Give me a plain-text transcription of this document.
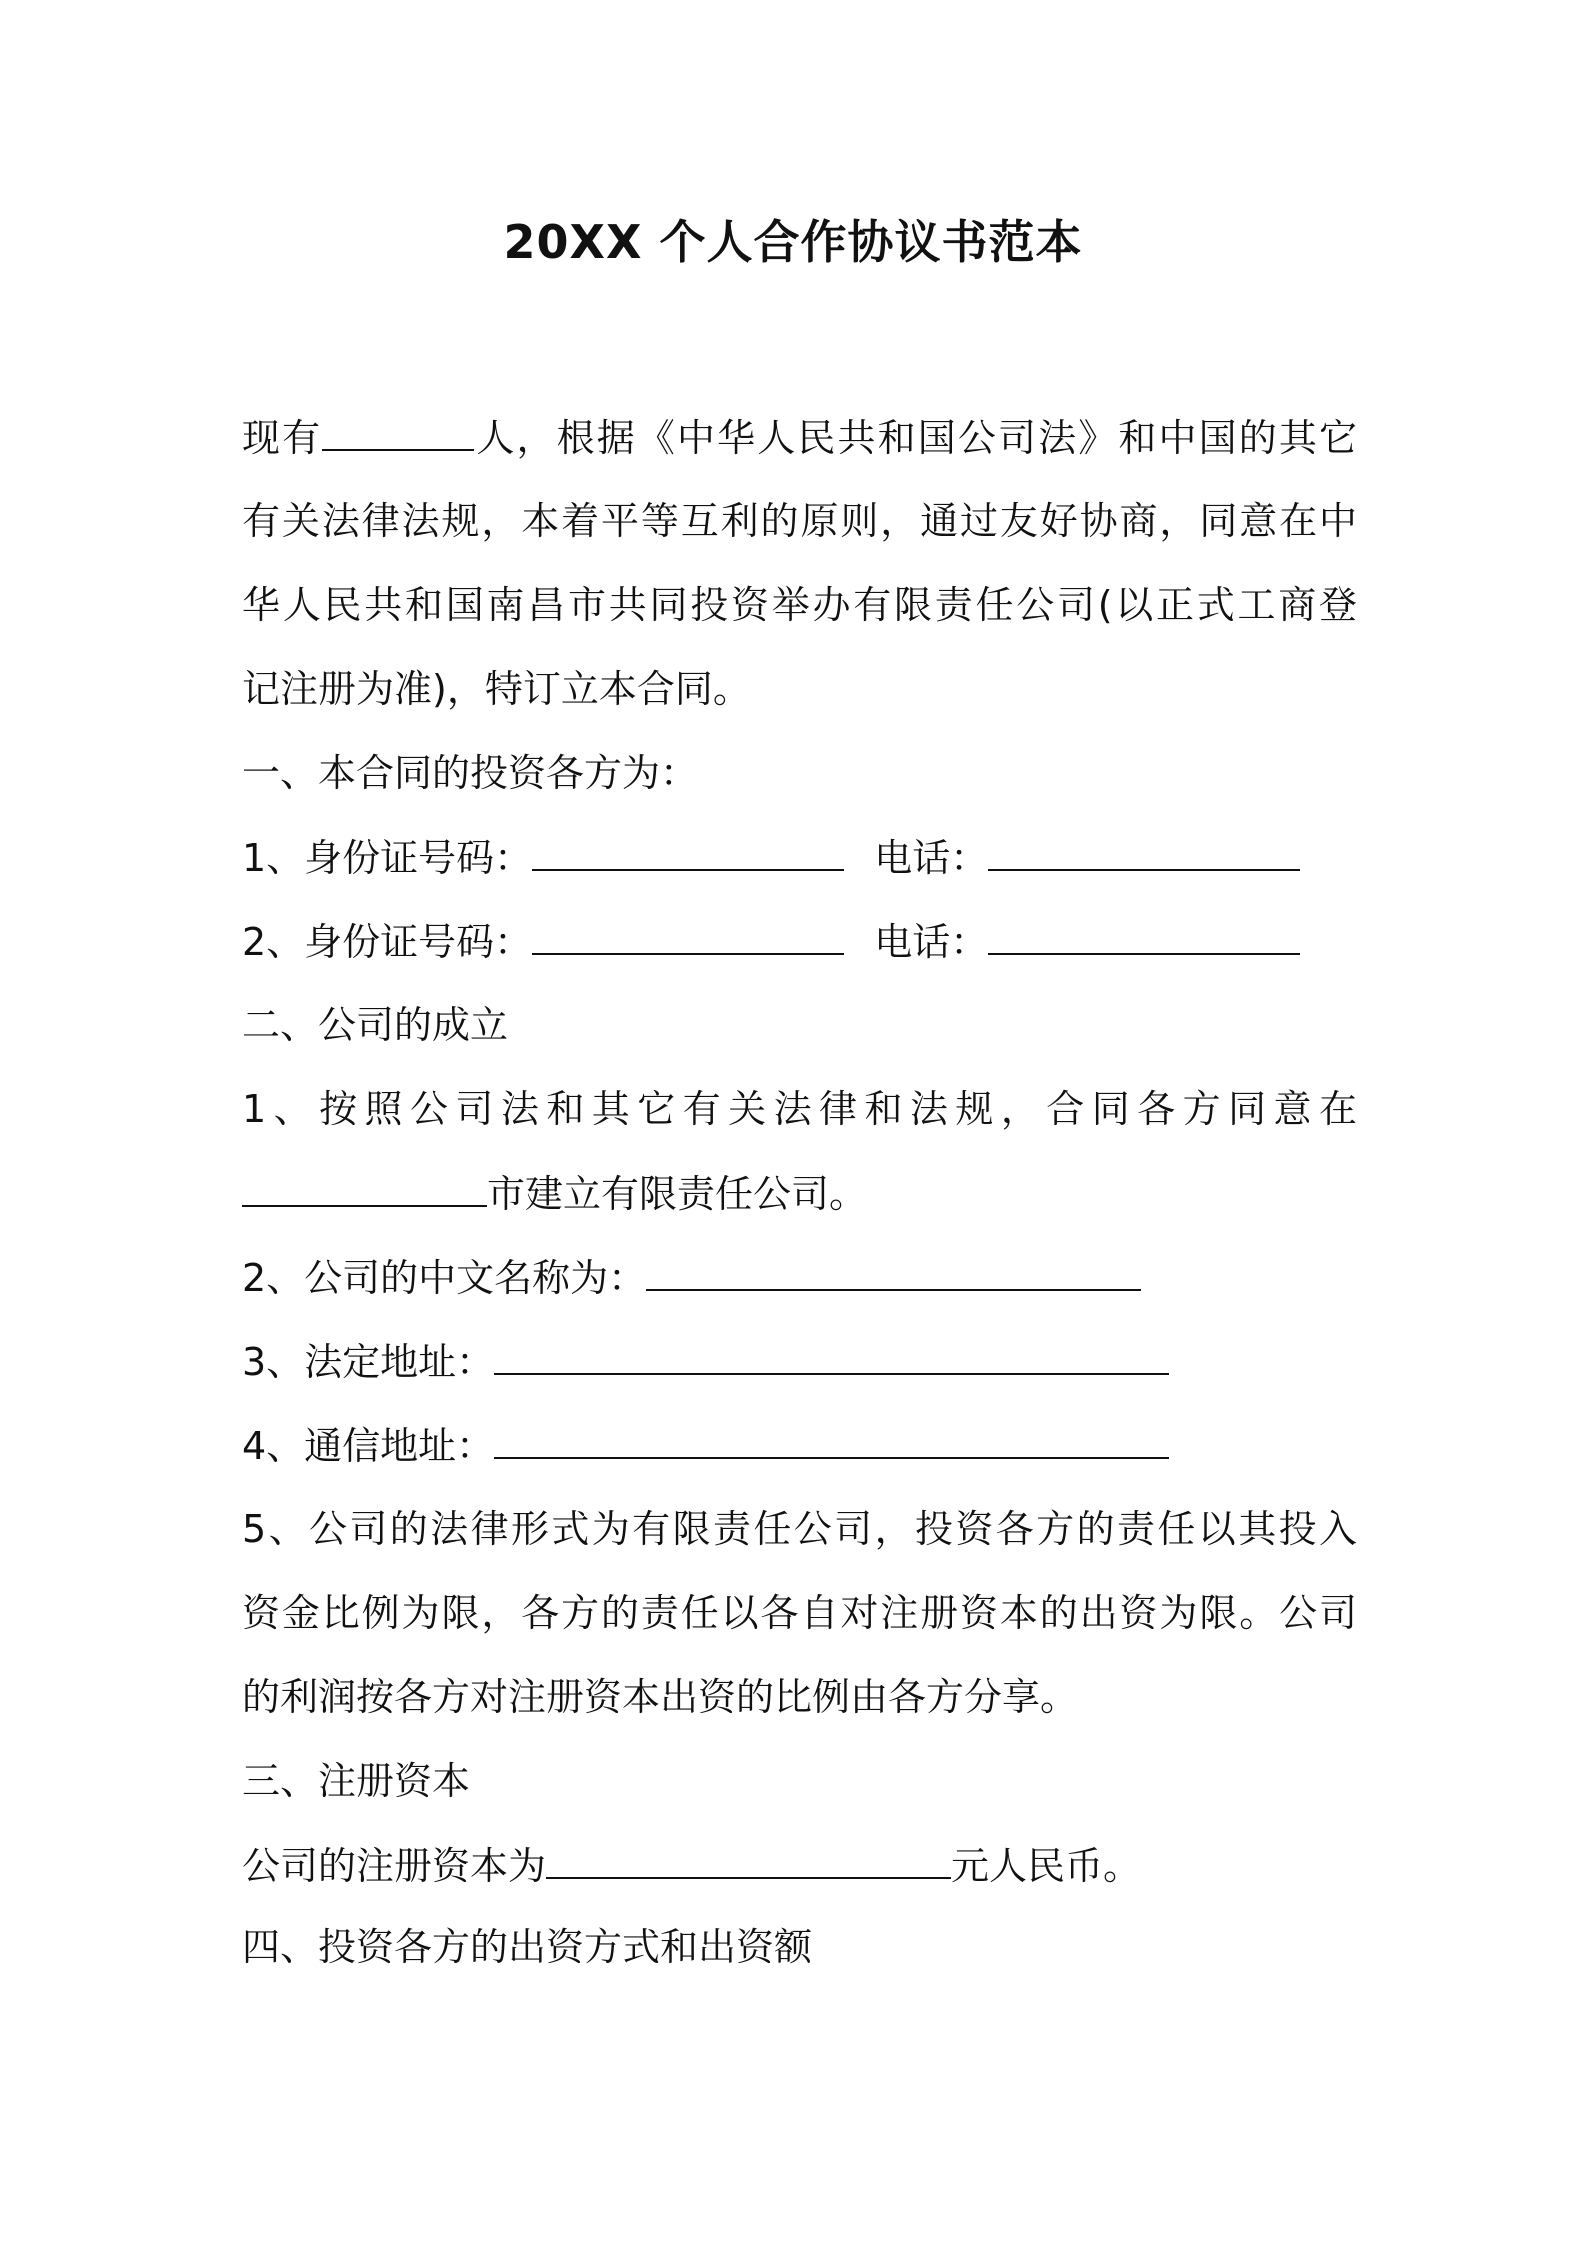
20XX 个人合作协议书范本

现有	人，根据《中华人民共和国公司法》和中国的其它

有关法律法规，本着平等互利的原则，通过友好协商，同意在中

华人民共和国南昌市共同投资举办有限责任公司(以正式工商登

记注册为准)，特订立本合同。

一、本合同的投资各方为：

1、身份证号码：	电话：

2、身份证号码：	电话：

二、公司的成立

1、按照公司法和其它有关法律和法规，合同各方同意在

市建立有限责任公司。

2、公司的中文名称为：

3、法定地址：

4、通信地址：

5、公司的法律形式为有限责任公司，投资各方的责任以其投入

资金比例为限，各方的责任以各自对注册资本的出资为限。公司

的利润按各方对注册资本出资的比例由各方分享。

三、注册资本

公司的注册资本为	元人民币。

四、投资各方的出资方式和出资额
